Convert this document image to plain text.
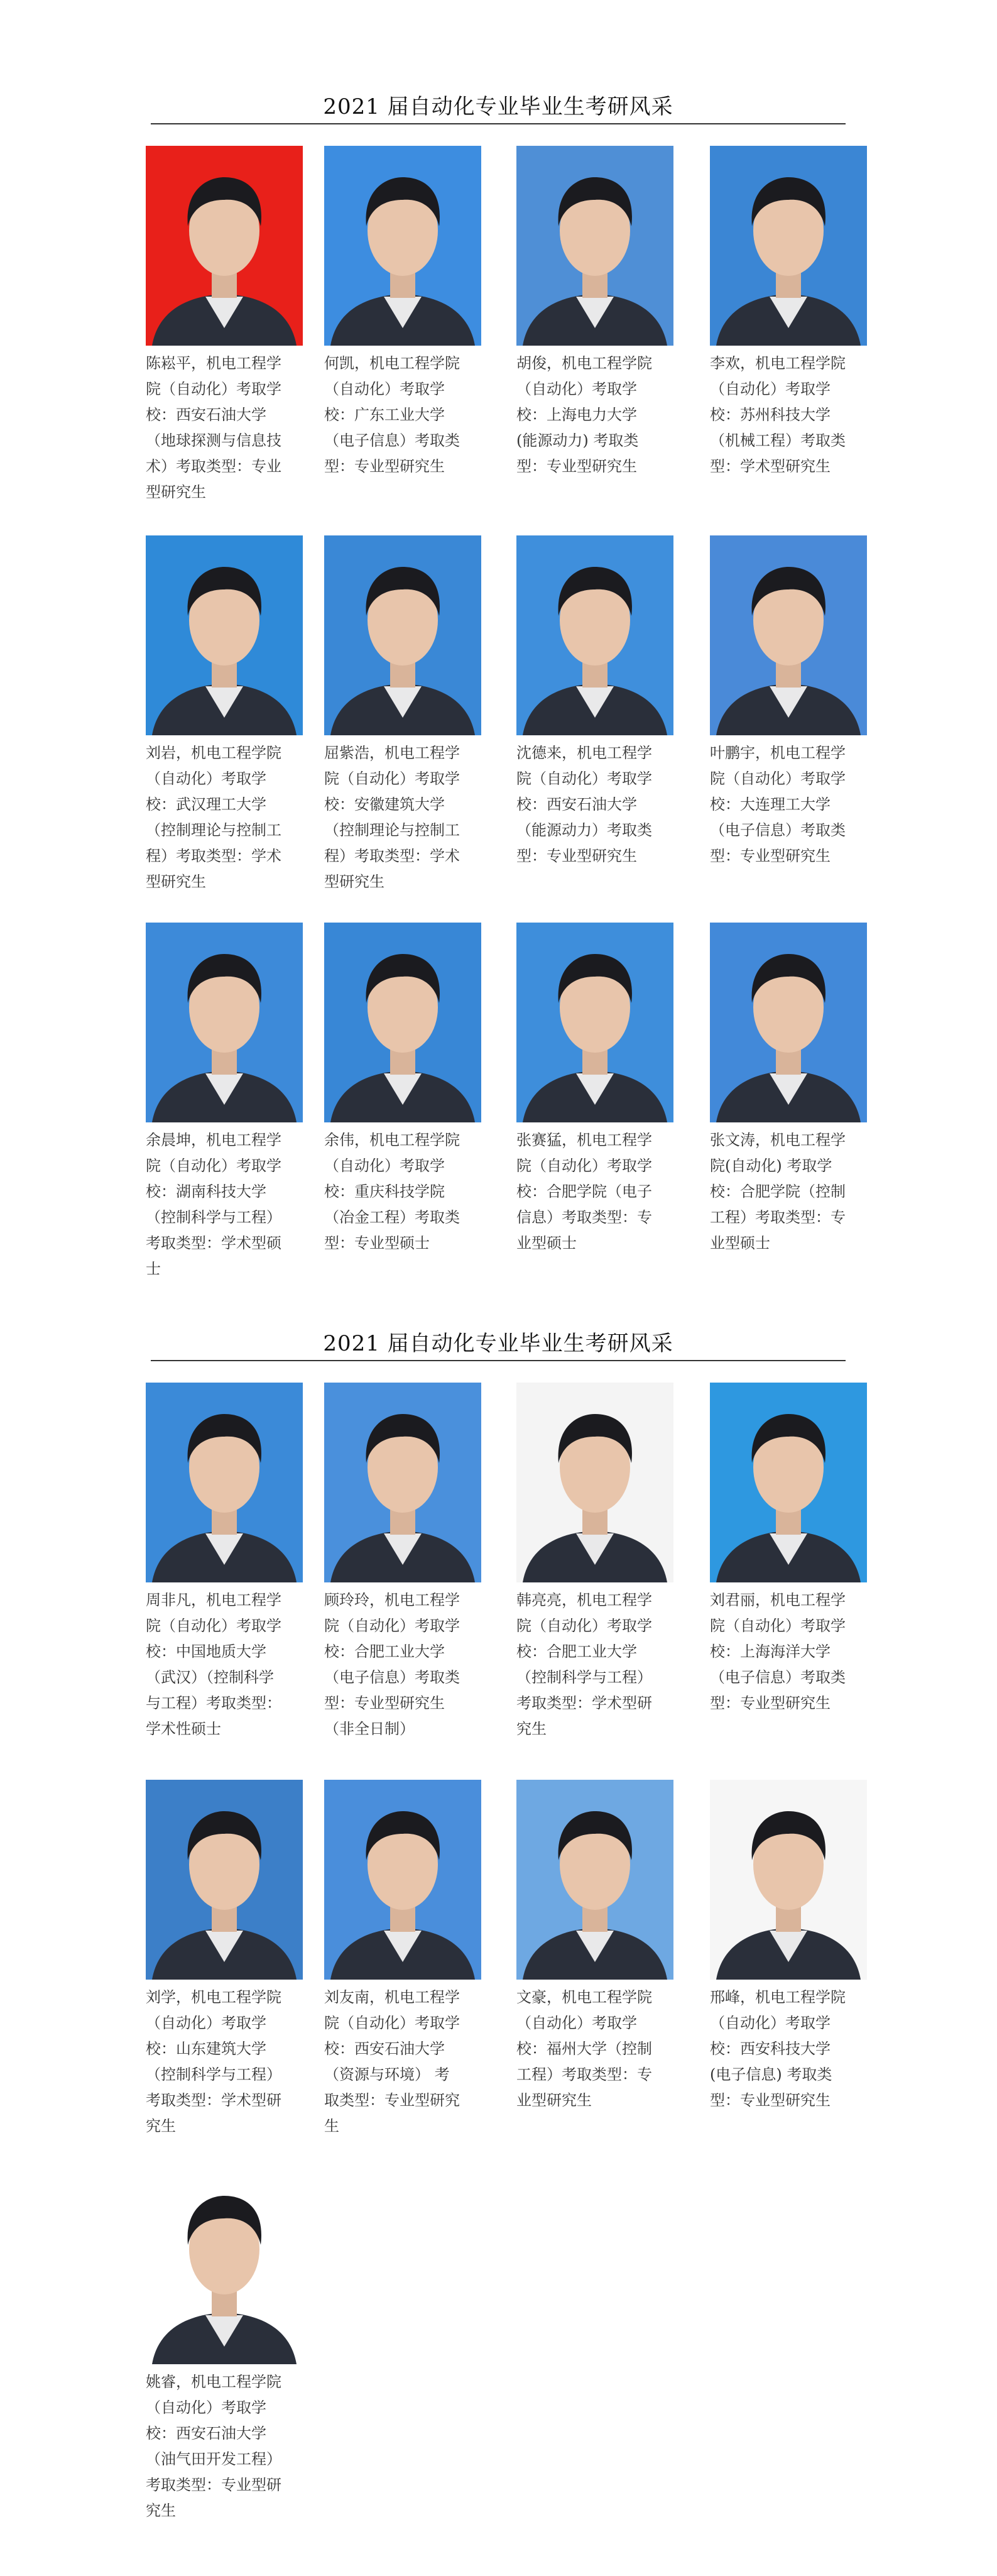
2021 届自动化专业毕业生考研风采
2021 届自动化专业毕业生考研风采
陈崧平，机电工程学院（自动化）考取学校：西安石油大学（地球探测与信息技术）考取类型：专业型研究生
何凯，机电工程学院（自动化）考取学校：广东工业大学（电子信息）考取类型：专业型研究生
胡俊，机电工程学院（自动化）考取学校：上海电力大学(能源动力) 考取类型：专业型研究生
李欢，机电工程学院（自动化）考取学校：苏州科技大学（机械工程）考取类型：学术型研究生
刘岩，机电工程学院（自动化）考取学校：武汉理工大学（控制理论与控制工程）考取类型：学术型研究生
屈紫浩，机电工程学院（自动化）考取学校：安徽建筑大学（控制理论与控制工程）考取类型：学术型研究生
沈德来，机电工程学院（自动化）考取学校：西安石油大学（能源动力）考取类型：专业型研究生
叶鹏宇，机电工程学院（自动化）考取学校：大连理工大学（电子信息）考取类型：专业型研究生
余晨坤，机电工程学院（自动化）考取学校：湖南科技大学（控制科学与工程）考取类型：学术型硕士
余伟，机电工程学院（自动化）考取学校：重庆科技学院（冶金工程）考取类型：专业型硕士
张赛猛，机电工程学院（自动化）考取学校：合肥学院（电子信息）考取类型：专业型硕士
张文涛，机电工程学院(自动化) 考取学校：合肥学院（控制工程）考取类型：专业型硕士
周非凡，机电工程学院（自动化）考取学校：中国地质大学（武汉）（控制科学与工程）考取类型：学术性硕士
顾玲玲，机电工程学院（自动化）考取学校：合肥工业大学（电子信息）考取类型：专业型研究生（非全日制）
韩亮亮，机电工程学院（自动化）考取学校：合肥工业大学（控制科学与工程）考取类型：学术型研究生
刘君丽，机电工程学院（自动化）考取学校：上海海洋大学（电子信息）考取类型：专业型研究生
刘学，机电工程学院（自动化）考取学校：山东建筑大学（控制科学与工程）考取类型：学术型研究生
刘友南，机电工程学院（自动化）考取学校：西安石油大学（资源与环境） 考取类型：专业型研究生
文豪，机电工程学院（自动化）考取学校：福州大学（控制工程）考取类型：专业型研究生
邢峰，机电工程学院（自动化）考取学校：西安科技大学(电子信息) 考取类型：专业型研究生
姚睿，机电工程学院（自动化）考取学校：西安石油大学（油气田开发工程）考取类型：专业型研究生
